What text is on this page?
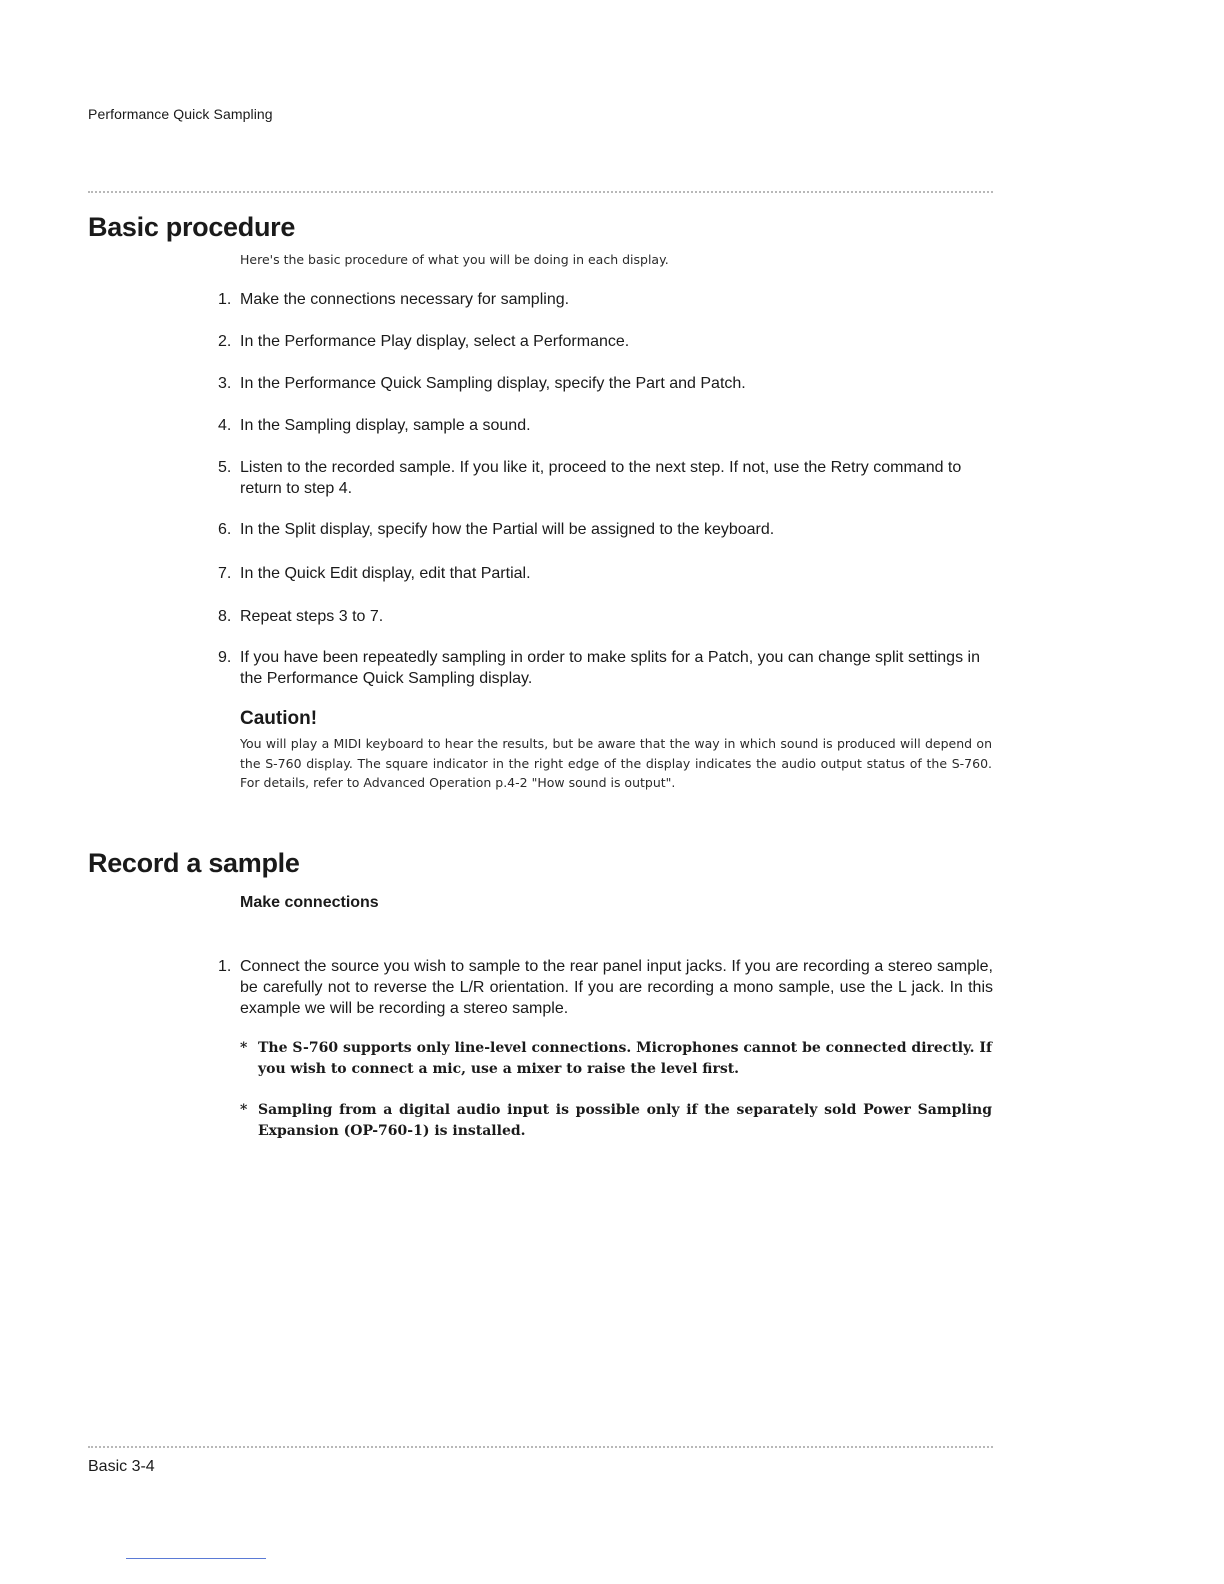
Performance Quick Sampling
Basic procedure
Here's the basic procedure of what you will be doing in each display.
1. Make the connections necessary for sampling.
2. In the Performance Play display, select a Performance.
3. In the Performance Quick Sampling display, specify the Part and Patch.
4. In the Sampling display, sample a sound.
5. Listen to the recorded sample. If you like it, proceed to the next step. If not, use the Retry command to return to step 4.
6. In the Split display, specify how the Partial will be assigned to the keyboard.
7. In the Quick Edit display, edit that Partial.
8. Repeat steps 3 to 7.
9. If you have been repeatedly sampling in order to make splits for a Patch, you can change split settings in the Performance Quick Sampling display.
Caution!
You will play a MIDI keyboard to hear the results, but be aware that the way in which sound is produced will depend on the S-760 display. The square indicator in the right edge of the display indicates the audio output status of the S-760. For details, refer to Advanced Operation p.4-2 "How sound is output".
Record a sample
Make connections
1. Connect the source you wish to sample to the rear panel input jacks. If you are recording a stereo sample, be carefully not to reverse the L/R orientation. If you are recording a mono sample, use the L jack. In this example we will be recording a stereo sample.
* The S-760 supports only line-level connections. Microphones cannot be connected directly. If you wish to connect a mic, use a mixer to raise the level first.
* Sampling from a digital audio input is possible only if the separately sold Power Sampling Expansion (OP-760-1) is installed.
Basic 3-4
